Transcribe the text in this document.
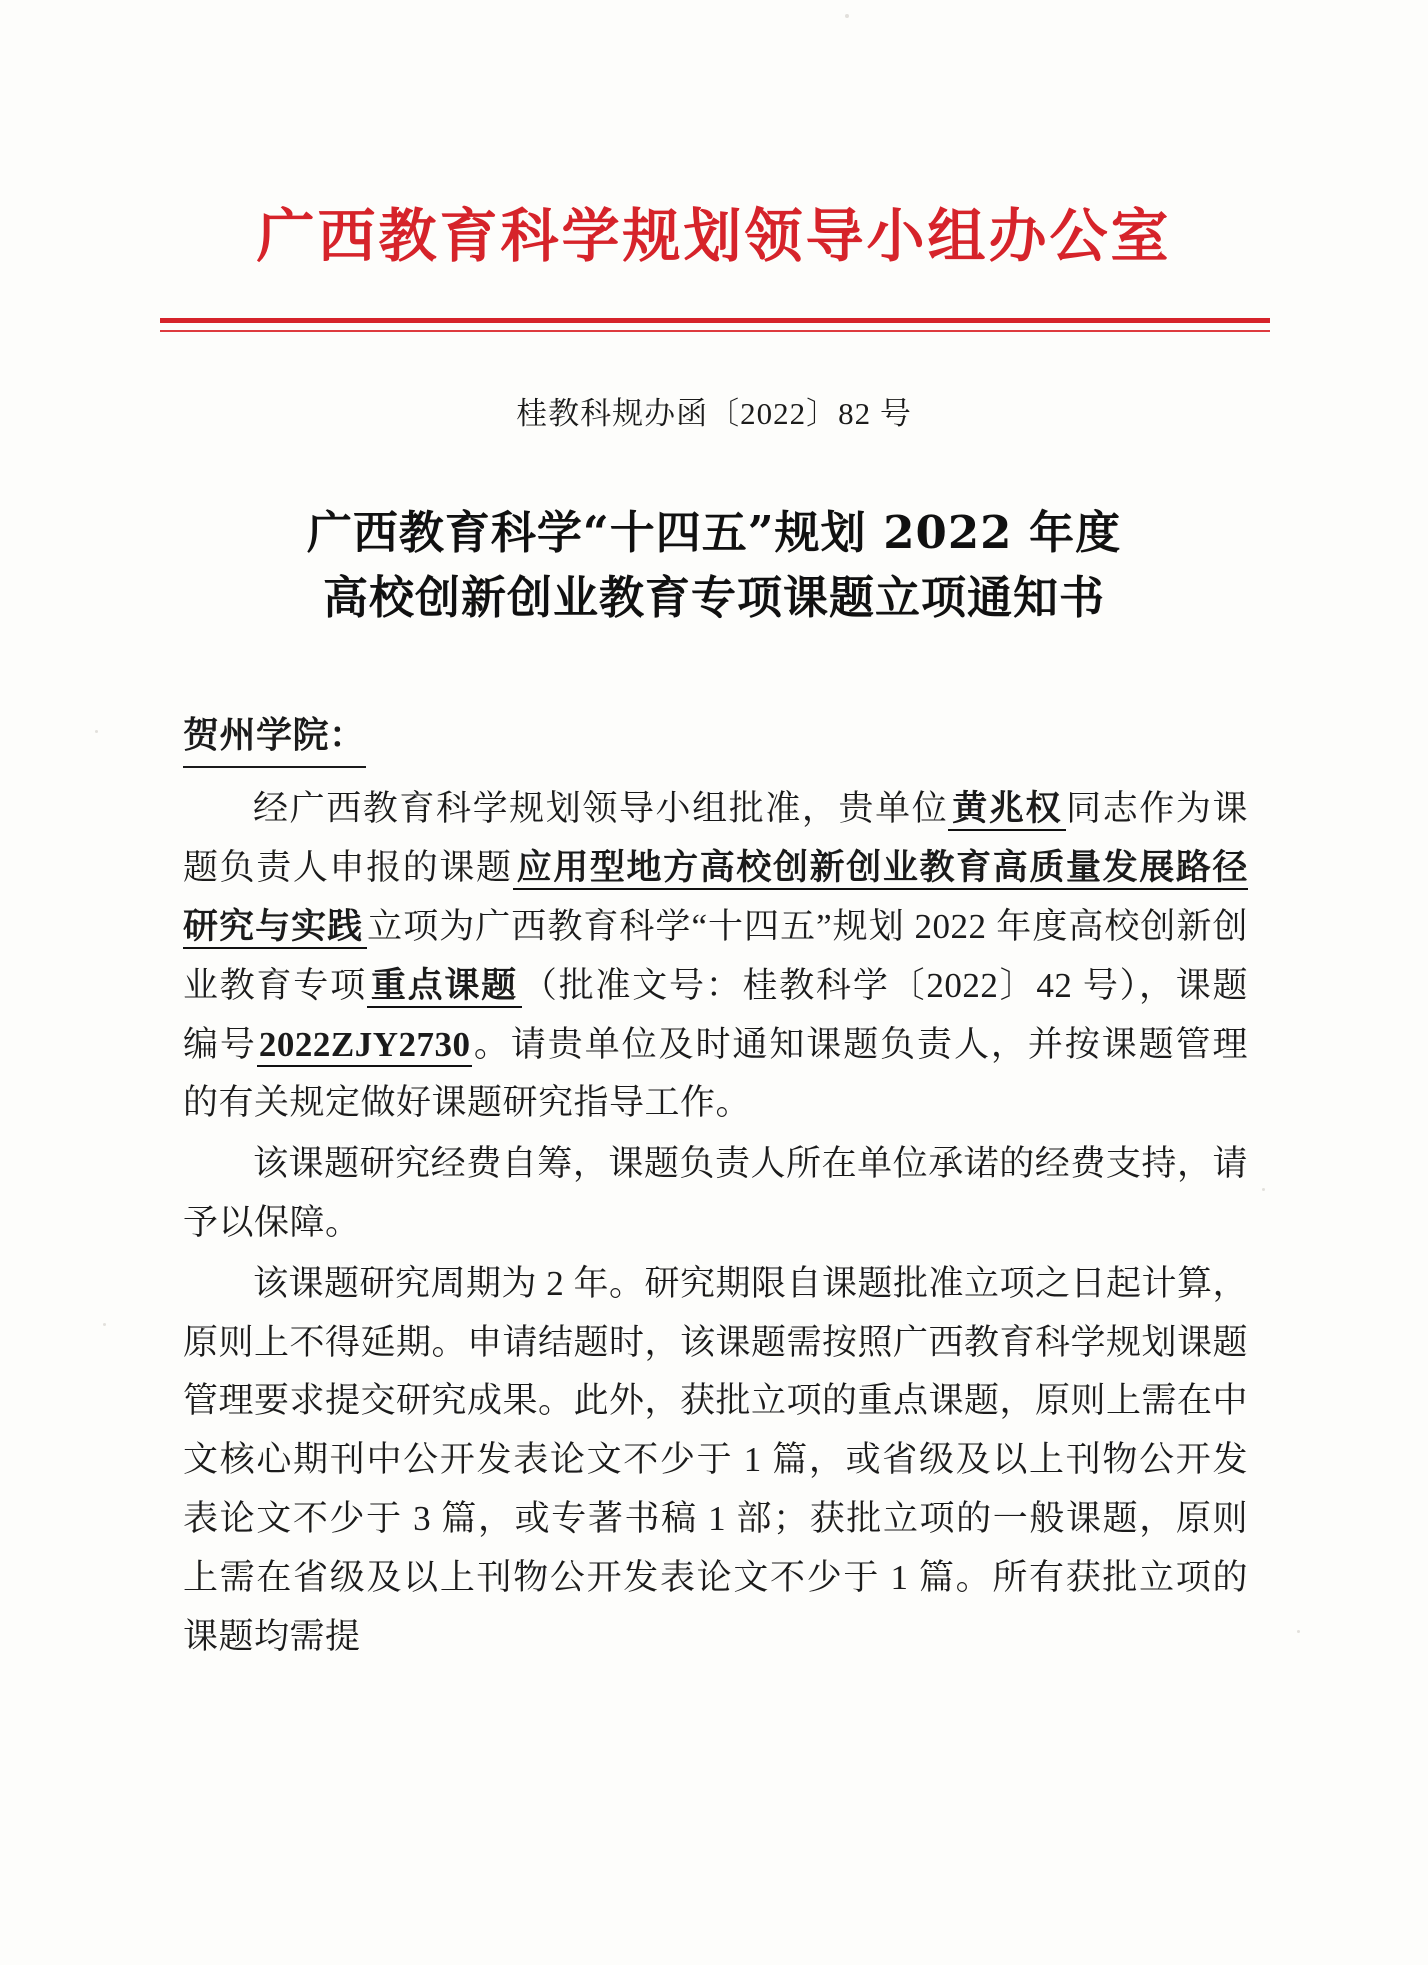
广西教育科学规划领导小组办公室
桂教科规办函〔2022〕82 号
广西教育科学“十四五”规划 2022 年度
高校创新创业教育专项课题立项通知书
贺州学院：

经广西教育科学规划领导小组批准，贵单位 黄兆权 同志作为课题负责人申报的课题 应用型地方高校创新创业教育高质量发展路径研究与实践 立项为广西教育科学“十四五”规划 2022 年度高校创新创业教育专项 重点课题 （批准文号：桂教科学〔2022〕42 号），课题编号2022ZJY2730。请贵单位及时通知课题负责人，并按课题管理的有关规定做好课题研究指导工作。

该课题研究经费自筹，课题负责人所在单位承诺的经费支持，请予以保障。

该课题研究周期为 2 年。研究期限自课题批准立项之日起计算，原则上不得延期。申请结题时，该课题需按照广西教育科学规划课题管理要求提交研究成果。此外，获批立项的重点课题，原则上需在中文核心期刊中公开发表论文不少于 1 篇，或省级及以上刊物公开发表论文不少于 3 篇，或专著书稿 1 部；获批立项的一般课题，原则上需在省级及以上刊物公开发表论文不少于 1 篇。所有获批立项的课题均需提
